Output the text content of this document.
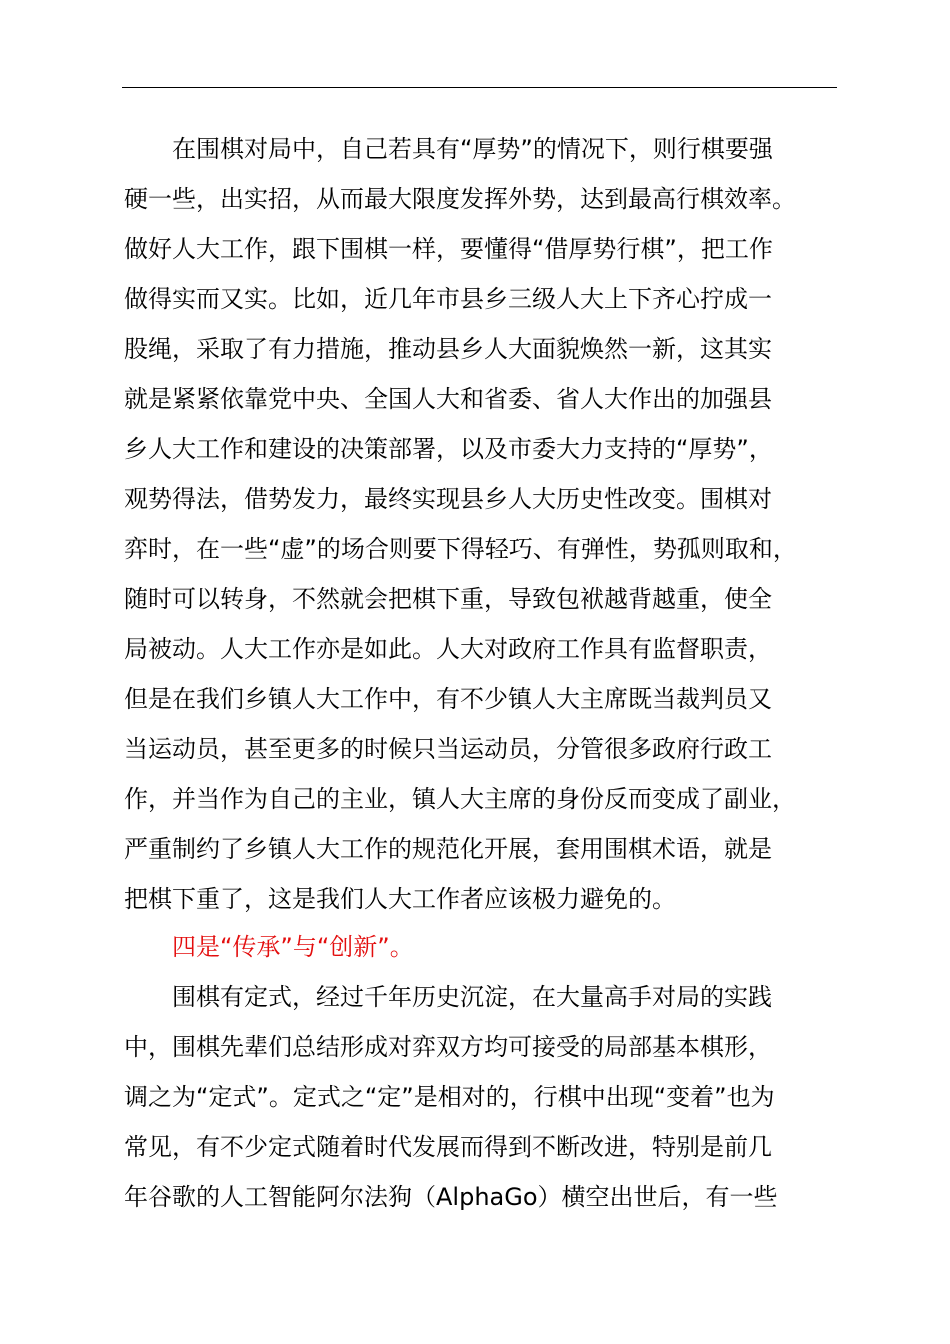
在围棋对局中，自己若具有“厚势”的情况下，则行棋要强
硬一些，出实招，从而最大限度发挥外势，达到最高行棋效率。
做好人大工作，跟下围棋一样，要懂得“借厚势行棋”，把工作
做得实而又实。比如，近几年市县乡三级人大上下齐心拧成一
股绳，采取了有力措施，推动县乡人大面貌焕然一新，这其实
就是紧紧依靠党中央、全国人大和省委、省人大作出的加强县
乡人大工作和建设的决策部署，以及市委大力支持的“厚势”，
观势得法，借势发力，最终实现县乡人大历史性改变。围棋对
弈时，在一些“虚”的场合则要下得轻巧、有弹性，势孤则取和，
随时可以转身，不然就会把棋下重，导致包袱越背越重，使全
局被动。人大工作亦是如此。人大对政府工作具有监督职责，
但是在我们乡镇人大工作中，有不少镇人大主席既当裁判员又
当运动员，甚至更多的时候只当运动员，分管很多政府行政工
作，并当作为自己的主业，镇人大主席的身份反而变成了副业，
严重制约了乡镇人大工作的规范化开展，套用围棋术语，就是
把棋下重了，这是我们人大工作者应该极力避免的。
四是“传承”与“创新”。
围棋有定式，经过千年历史沉淀，在大量高手对局的实践
中，围棋先辈们总结形成对弈双方均可接受的局部基本棋形，
调之为“定式”。定式之“定”是相对的，行棋中出现“变着”也为
常见，有不少定式随着时代发展而得到不断改进，特别是前几
年谷歌的人工智能阿尔法狗（AlphaGo）横空出世后，有一些
